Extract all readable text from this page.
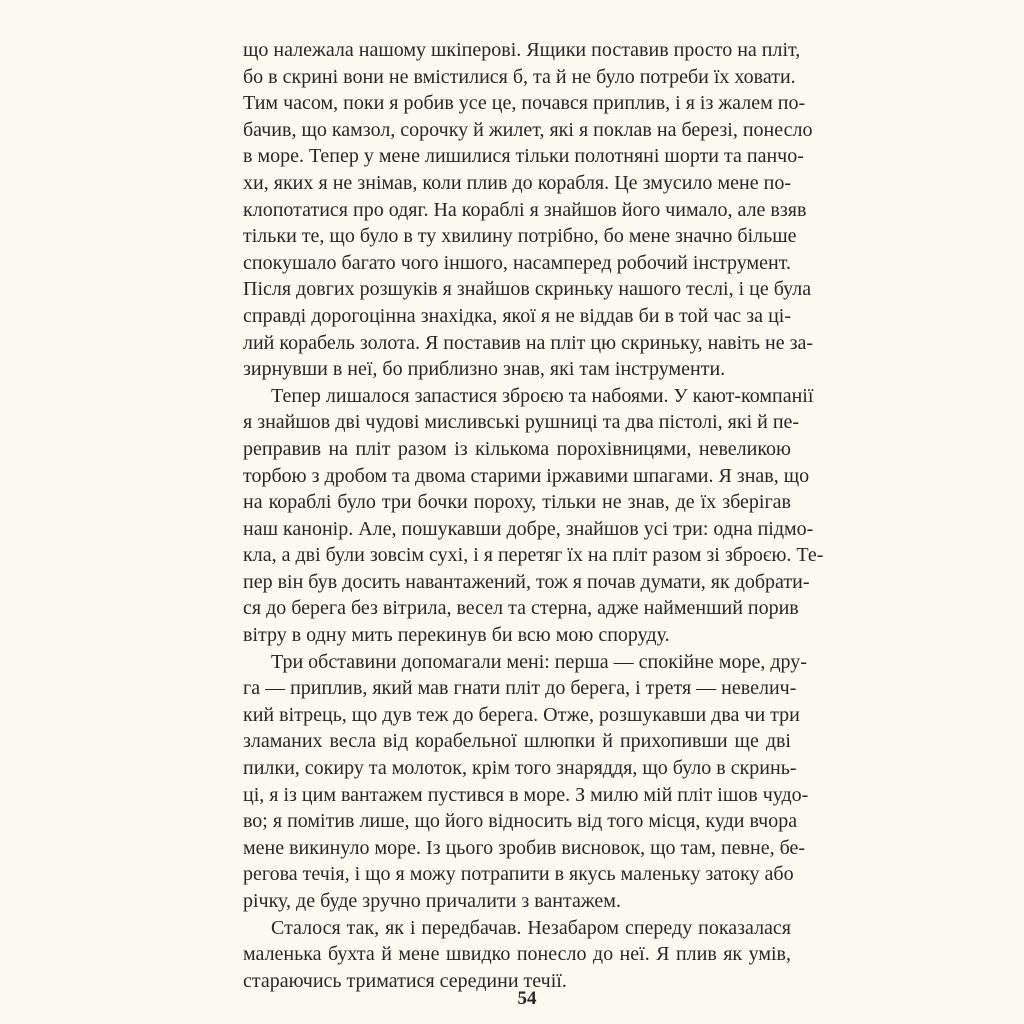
що належала нашому шкіперові. Ящики поставив просто на пліт,
бо в скрині вони не вмістилися б, та й не було потреби їх ховати.
Тим часом, поки я робив усе це, почався приплив, і я із жалем по-
бачив, що камзол, сорочку й жилет, які я поклав на березі, понесло
в море. Тепер у мене лишилися тільки полотняні шорти та панчо-
хи, яких я не знімав, коли плив до корабля. Це змусило мене по-
клопотатися про одяг. На кораблі я знайшов його чимало, але взяв
тільки те, що було в ту хвилину потрібно, бо мене значно більше
спокушало багато чого іншого, насамперед робочий інструмент.
Після довгих розшуків я знайшов скриньку нашого теслі, і це була
справді дорогоцінна знахідка, якої я не віддав би в той час за ці-
лий корабель золота. Я поставив на пліт цю скриньку, навіть не за-
зирнувши в неї, бо приблизно знав, які там інструменти.
Тепер лишалося запастися зброєю та набоями. У кают-компанії
я знайшов дві чудові мисливські рушниці та два пістолі, які й пе-
реправив на пліт разом із кількома порохівницями, невеликою
торбою з дробом та двома старими іржавими шпагами. Я знав, що
на кораблі було три бочки пороху, тільки не знав, де їх зберігав
наш канонір. Але, пошукавши добре, знайшов усі три: одна підмо-
кла, а дві були зовсім сухі, і я перетяг їх на пліт разом зі зброєю. Те-
пер він був досить навантажений, тож я почав думати, як добрати-
ся до берега без вітрила, весел та стерна, адже найменший порив
вітру в одну мить перекинув би всю мою споруду.
Три обставини допомагали мені: перша — спокійне море, дру-
га — приплив, який мав гнати пліт до берега, і третя — невелич-
кий вітрець, що дув теж до берега. Отже, розшукавши два чи три
зламаних весла від корабельної шлюпки й прихопивши ще дві
пилки, сокиру та молоток, крім того знаряддя, що було в скринь-
ці, я із цим вантажем пустився в море. З милю мій пліт ішов чудо-
во; я помітив лише, що його відносить від того місця, куди вчора
мене викинуло море. Із цього зробив висновок, що там, певне, бе-
регова течія, і що я можу потрапити в якусь маленьку затоку або
річку, де буде зручно причалити з вантажем.
Сталося так, як і передбачав. Незабаром спереду показалася
маленька бухта й мене швидко понесло до неї. Я плив як умів,
стараючись триматися середини течії.
54
